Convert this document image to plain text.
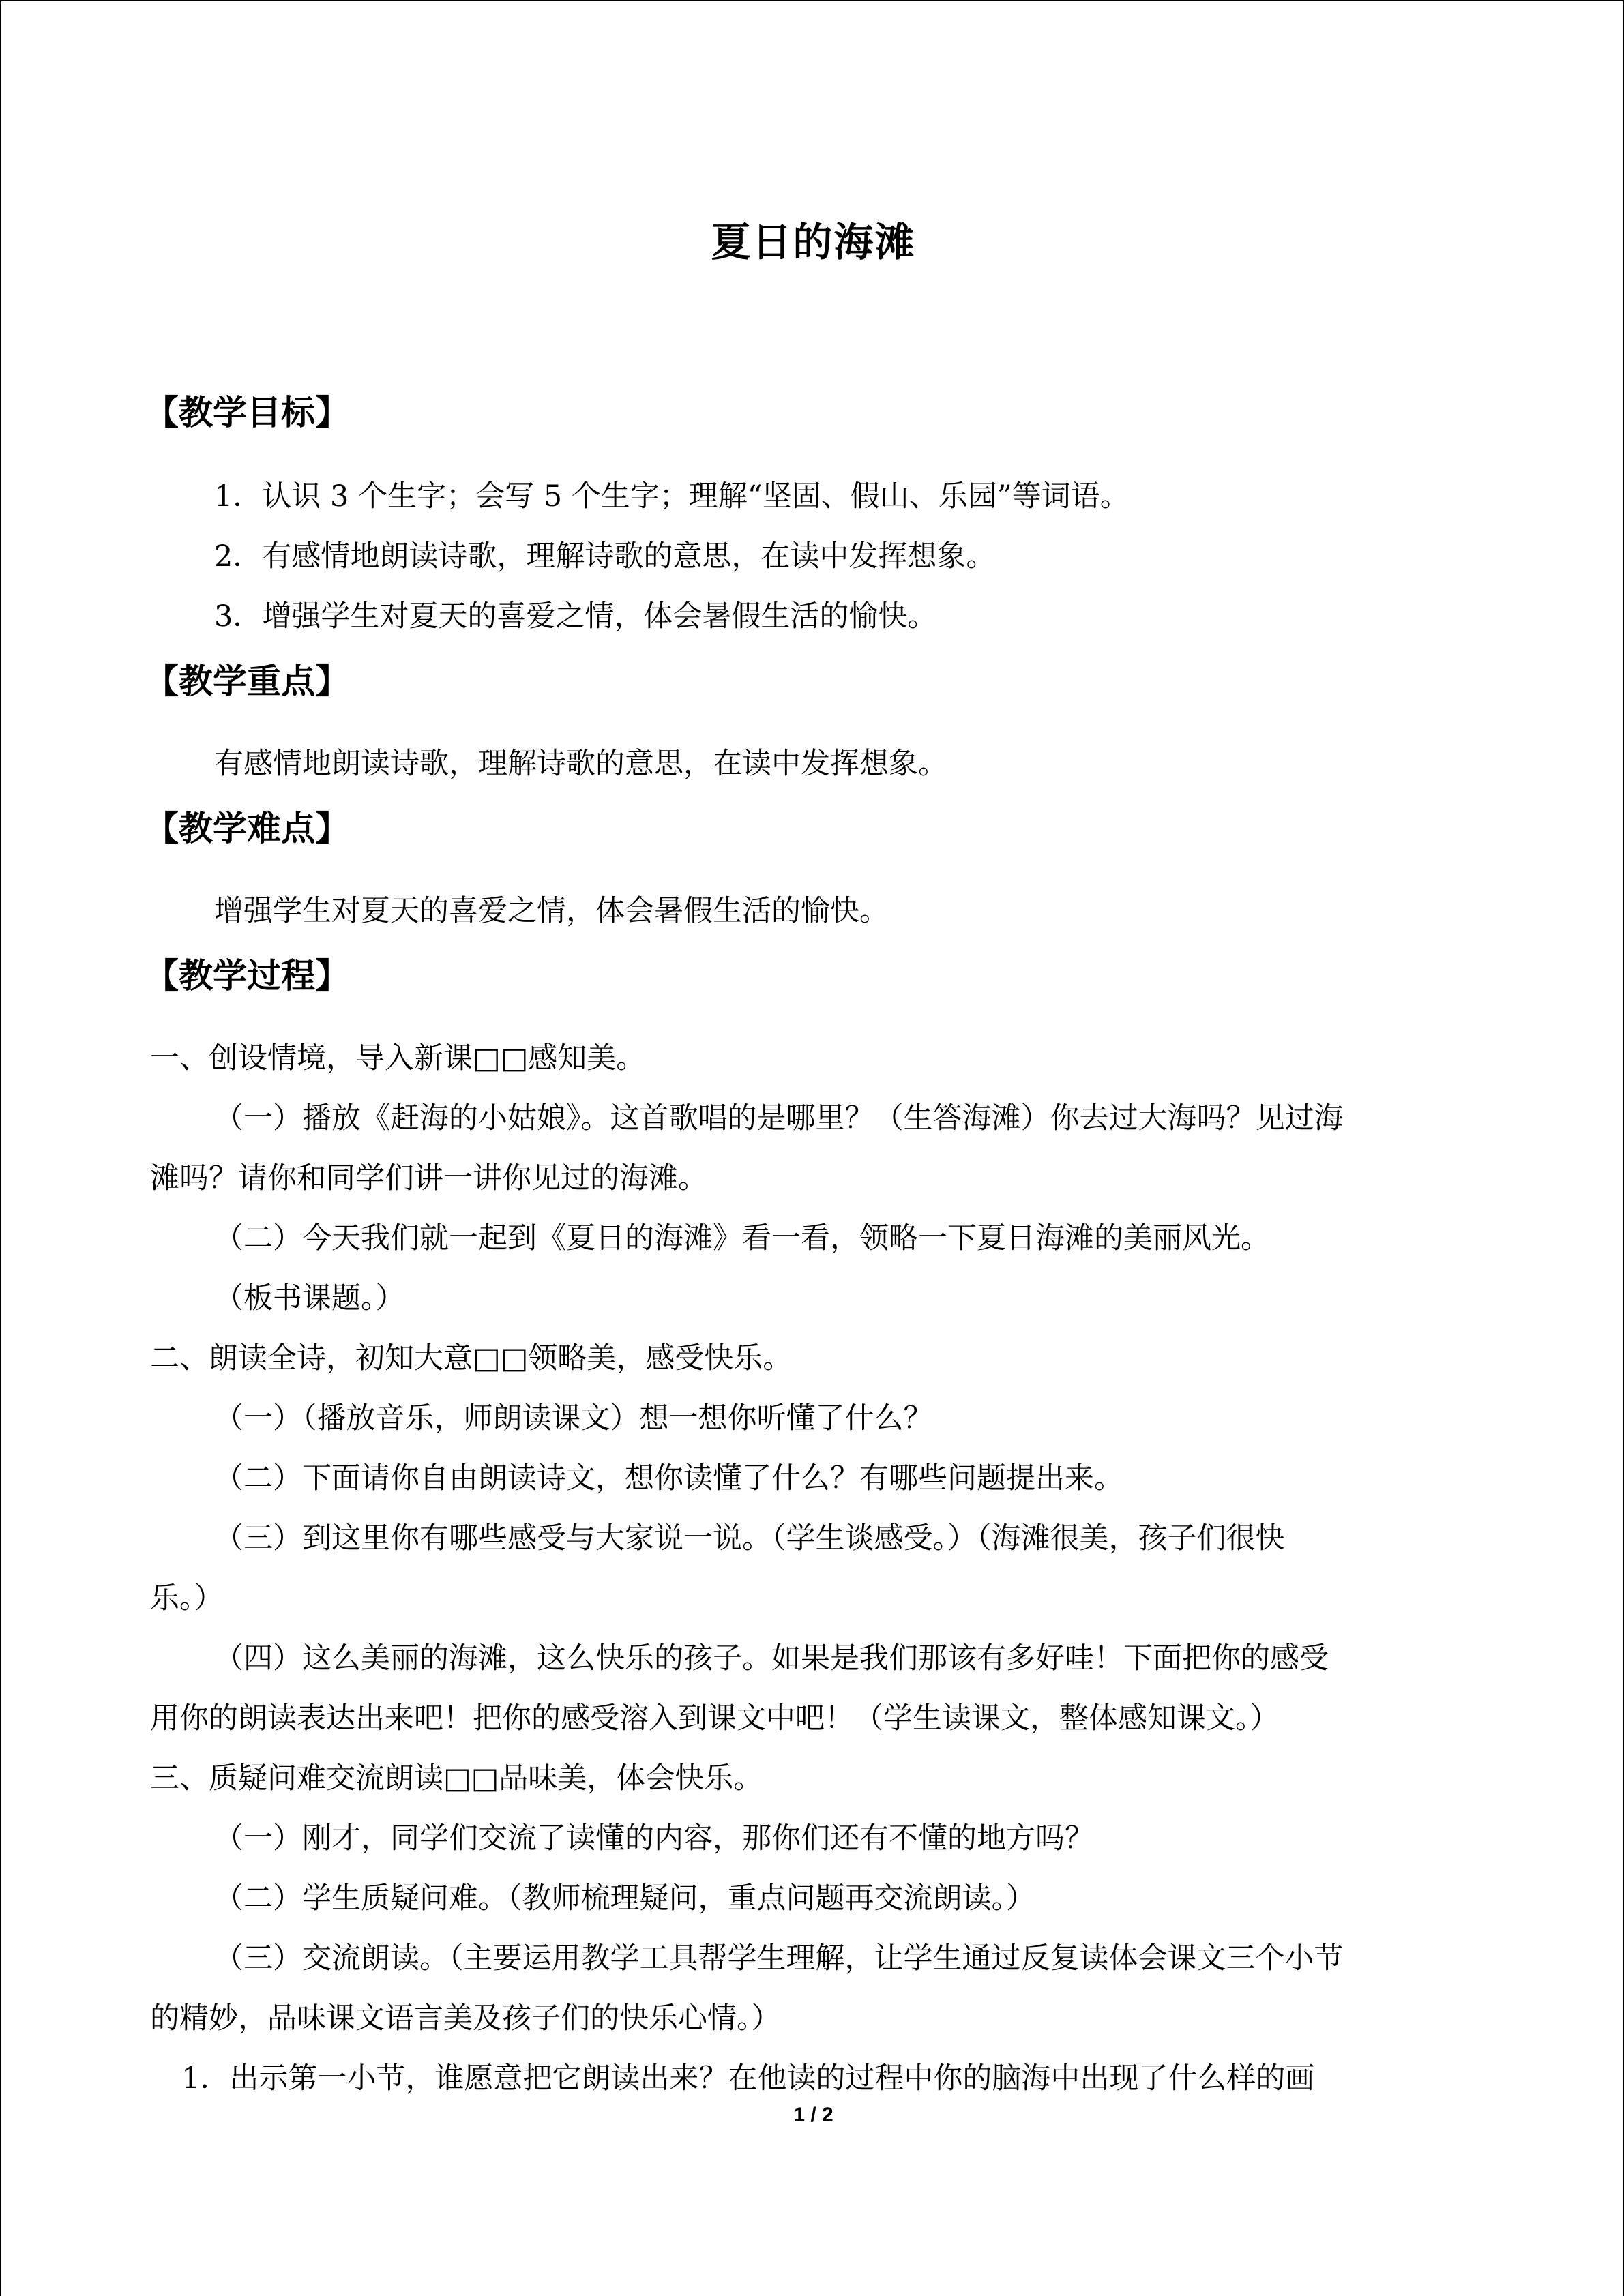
夏日的海滩
【教学目标】
1．认识 3 个生字；会写 5 个生字；理解“坚固、假山、乐园”等词语。
2．有感情地朗读诗歌，理解诗歌的意思，在读中发挥想象。
3．增强学生对夏天的喜爱之情，体会暑假生活的愉快。
【教学重点】
有感情地朗读诗歌，理解诗歌的意思，在读中发挥想象。
【教学难点】
增强学生对夏天的喜爱之情，体会暑假生活的愉快。
【教学过程】
一、创设情境，导入新课□□感知美。
（一）播放《赶海的小姑娘》。这首歌唱的是哪里？（生答海滩）你去过大海吗？见过海
滩吗？请你和同学们讲一讲你见过的海滩。
（二）今天我们就一起到《夏日的海滩》看一看，领略一下夏日海滩的美丽风光。
（板书课题。）
二、朗读全诗，初知大意□□领略美，感受快乐。
（一）（播放音乐，师朗读课文）想一想你听懂了什么？
（二）下面请你自由朗读诗文，想你读懂了什么？有哪些问题提出来。
（三）到这里你有哪些感受与大家说一说。（学生谈感受。）（海滩很美，孩子们很快
乐。）
（四）这么美丽的海滩，这么快乐的孩子。如果是我们那该有多好哇！下面把你的感受
用你的朗读表达出来吧！把你的感受溶入到课文中吧！（学生读课文，整体感知课文。）
三、质疑问难交流朗读□□品味美，体会快乐。
（一）刚才，同学们交流了读懂的内容，那你们还有不懂的地方吗？
（二）学生质疑问难。（教师梳理疑问，重点问题再交流朗读。）
（三）交流朗读。（主要运用教学工具帮学生理解，让学生通过反复读体会课文三个小节
的精妙，品味课文语言美及孩子们的快乐心情。）
1．出示第一小节，谁愿意把它朗读出来？在他读的过程中你的脑海中出现了什么样的画
1 / 2
